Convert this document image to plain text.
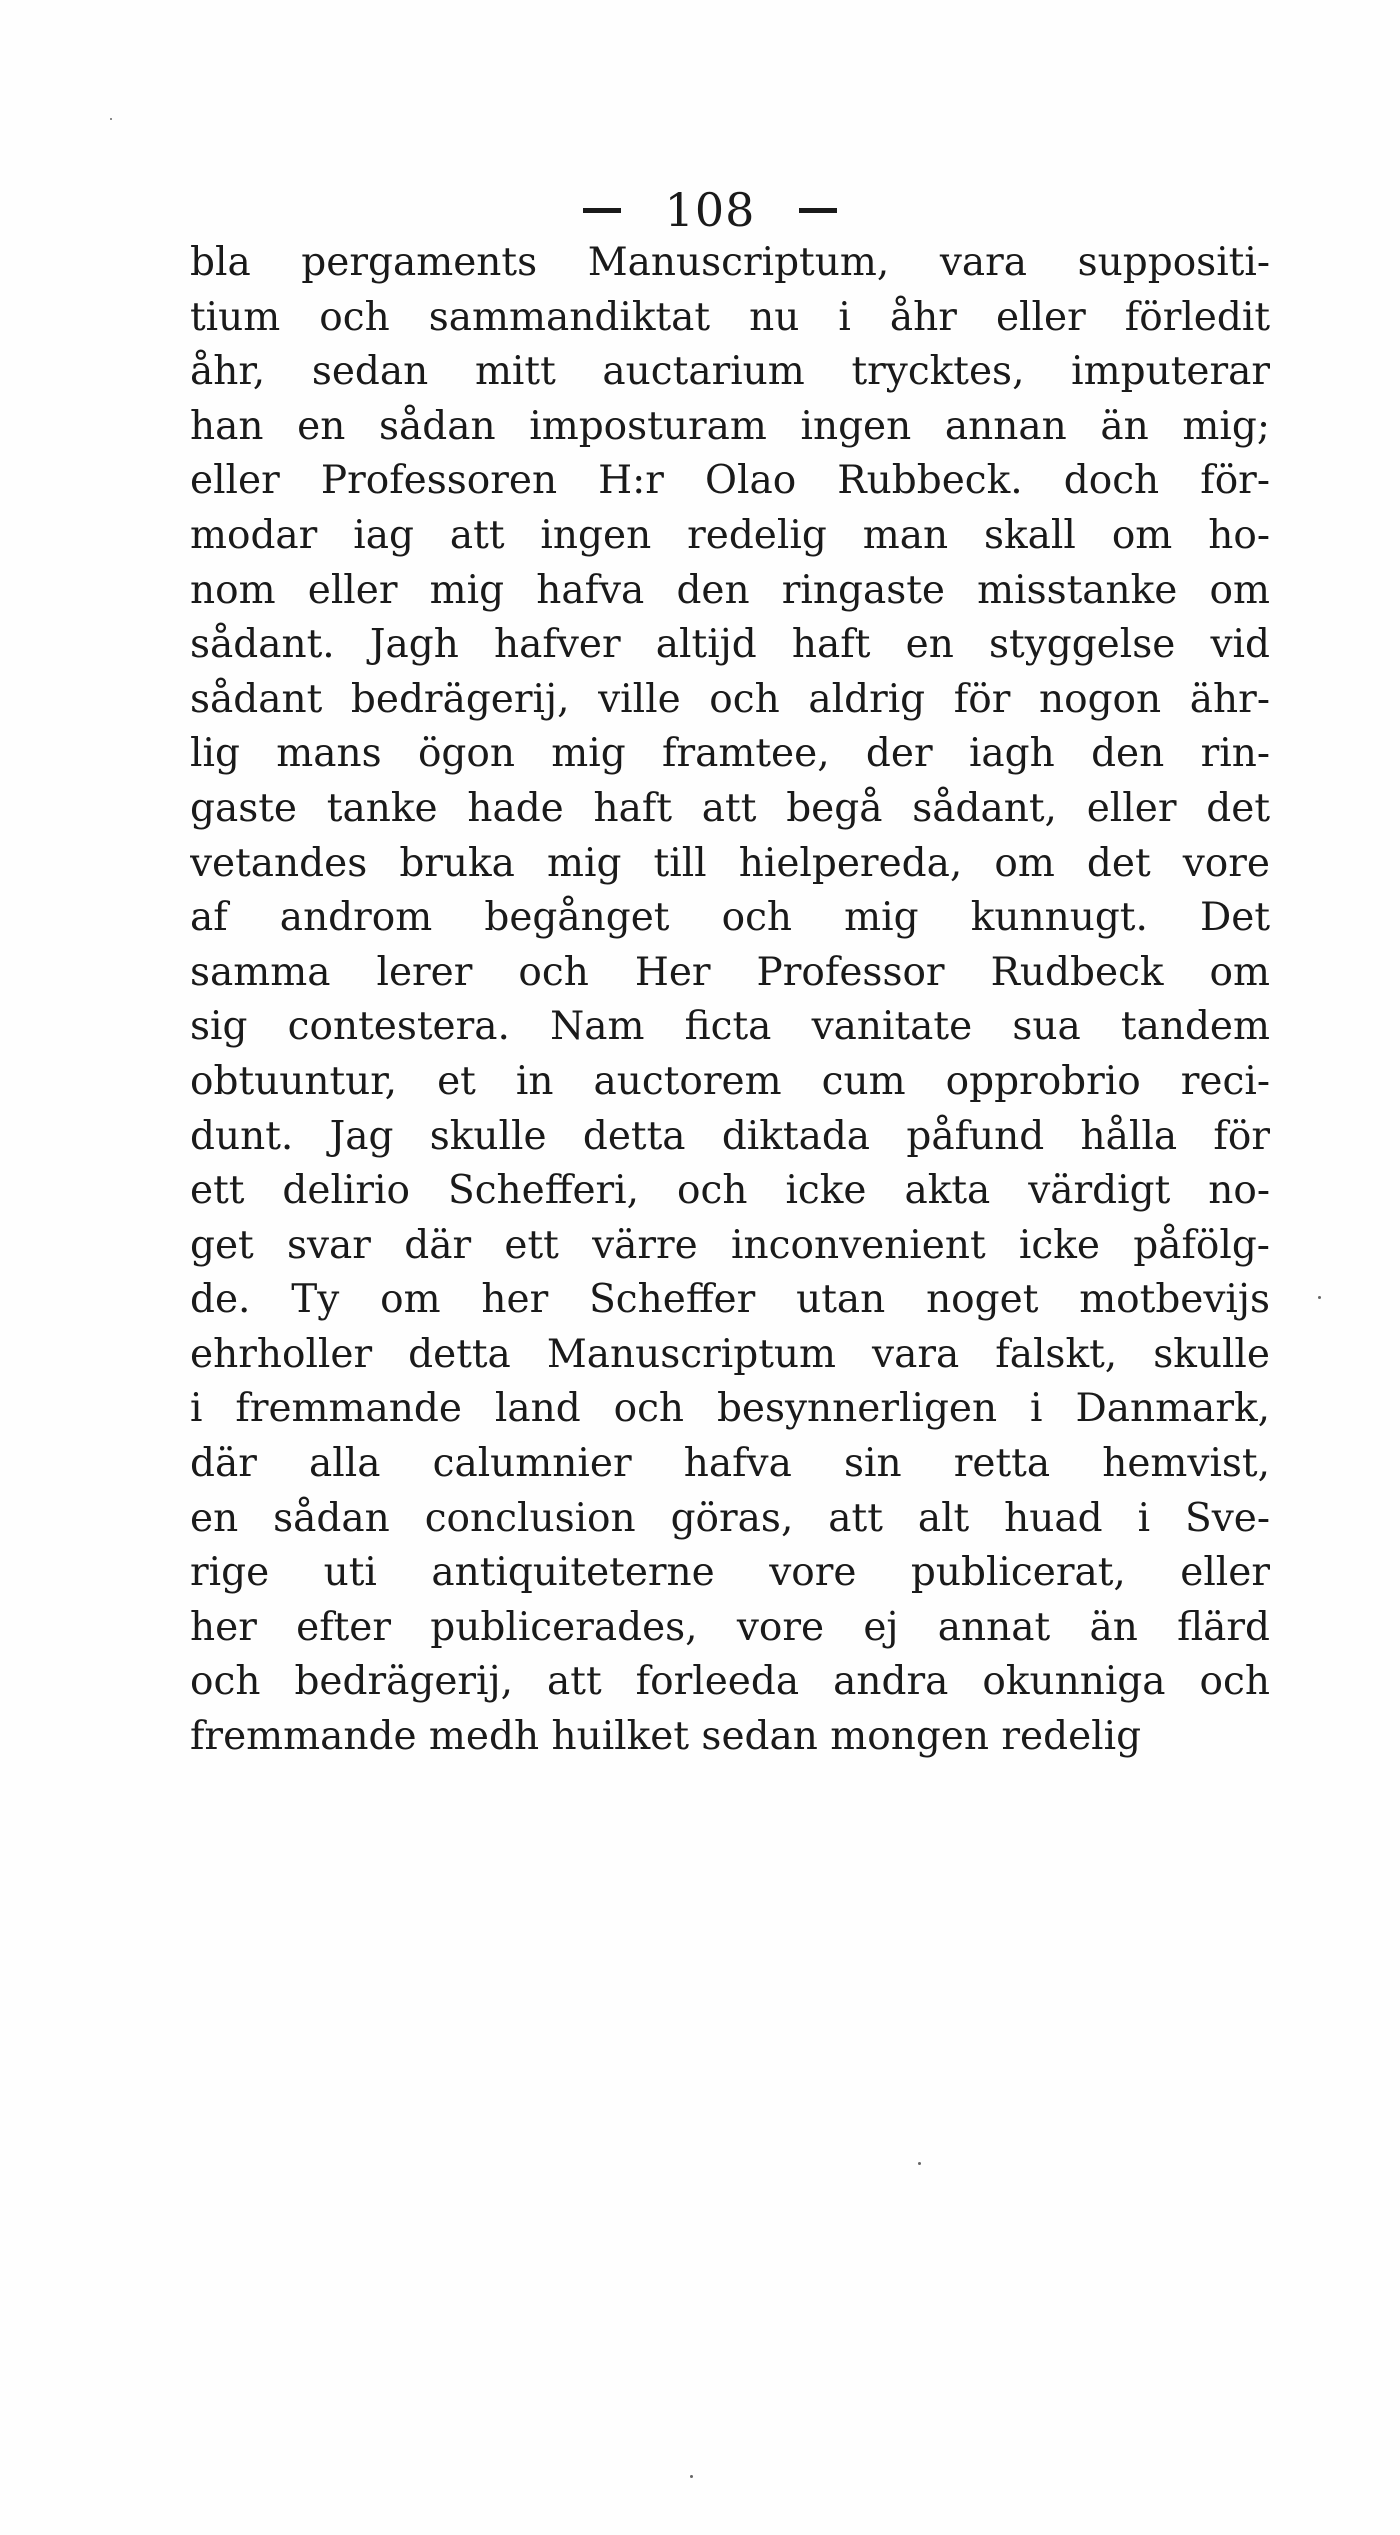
108
bla pergaments Manuscriptum, vara suppositi-
tium och sammandiktat nu i åhr eller förledit
åhr, sedan mitt auctarium trycktes, imputerar
han en sådan imposturam ingen annan än mig;
eller Professoren H:r Olao Rubbeck. doch för-
modar iag att ingen redelig man skall om ho-
nom eller mig hafva den ringaste misstanke om
sådant. Jagh hafver altijd haft en styggelse vid
sådant bedrägerij, ville och aldrig för nogon ähr-
lig mans ögon mig framtee, der iagh den rin-
gaste tanke hade haft att begå sådant, eller det
vetandes bruka mig till hielpereda, om det vore
af androm begånget och mig kunnugt. Det
samma lerer och Her Professor Rudbeck om
sig contestera. Nam ficta vanitate sua tandem
obtuuntur, et in auctorem cum opprobrio reci-
dunt. Jag skulle detta diktada påfund hålla för
ett delirio Schefferi, och icke akta värdigt no-
get svar där ett värre inconvenient icke påfölg-
de. Ty om her Scheffer utan noget motbevijs
ehrholler detta Manuscriptum vara falskt, skulle
i fremmande land och besynnerligen i Danmark,
där alla calumnier hafva sin retta hemvist,
en sådan conclusion göras, att alt huad i Sve-
rige uti antiquiteterne vore publicerat, eller
her efter publicerades, vore ej annat än flärd
och bedrägerij, att forleeda andra okunniga och
fremmande medh huilket sedan mongen redelig
